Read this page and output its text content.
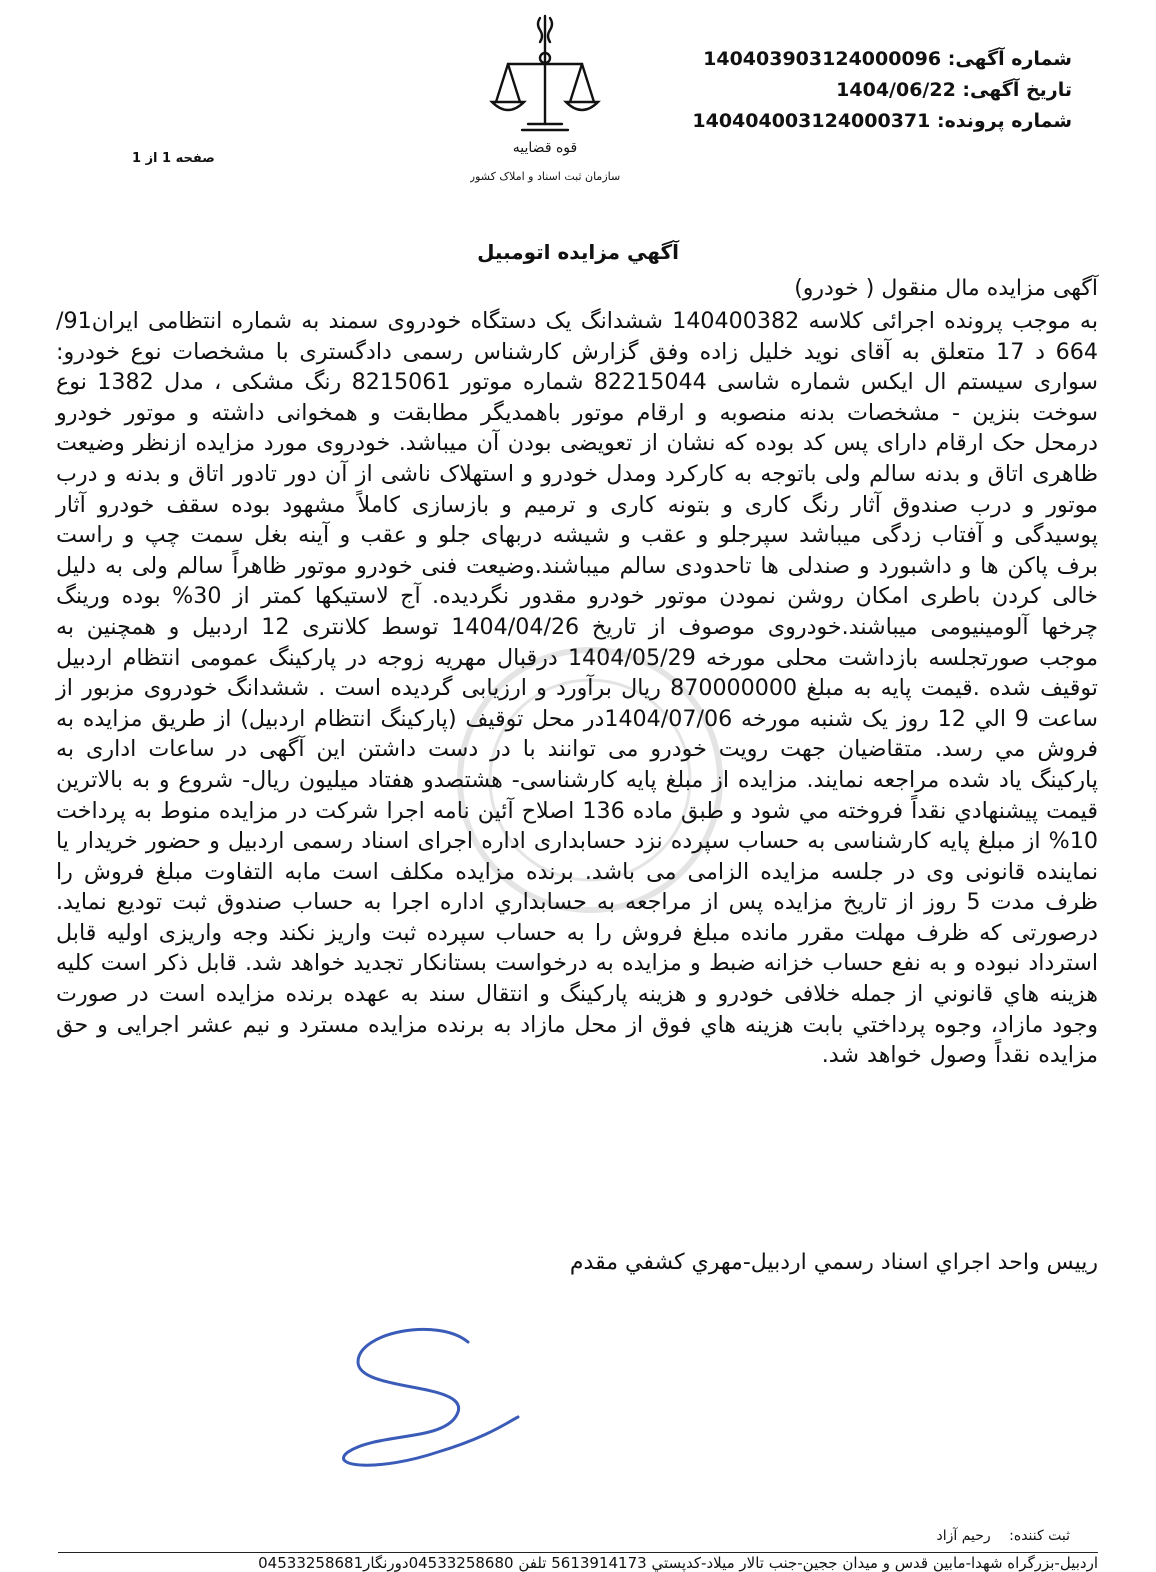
قوه قضاییه
سازمان ثبت اسناد و املاک کشور
شماره آگهی: 140403903124000096
تاریخ آگهی: 1404/06/22
شماره پرونده: 140404003124000371
صفحه 1 از 1
آگهي مزايده اتومبيل
آگهی مزایده مال منقول ( خودرو)
به موجب پرونده اجرائی کلاسه 140400382 ششدانگ یک دستگاه خودروی سمند به شماره انتظامی ایران91/ 664 د 17 متعلق به آقای نوید خلیل زاده وفق گزارش کارشناس رسمی دادگستری با مشخصات نوع خودرو: سواری سیستم ال ایکس شماره شاسی 82215044 شماره موتور 8215061 رنگ مشکی ، مدل 1382 نوع سوخت بنزین - مشخصات بدنه منصوبه و ارقام موتور باهمدیگر مطابقت و همخوانی داشته و موتور خودرو درمحل حک ارقام دارای پس کد بوده که نشان از تعویضی بودن آن میباشد. خودروی مورد مزایده ازنظر وضیعت ظاهری اتاق و بدنه سالم ولی باتوجه به کارکرد ومدل خودرو و استهلاک ناشی از آن دور تادور اتاق و بدنه و درب موتور و درب صندوق آثار رنگ کاری و بتونه کاری و ترمیم و بازسازی کاملاً مشهود بوده سقف خودرو آثار پوسیدگی و آفتاب زدگی میباشد سپرجلو و عقب و شیشه دربهای جلو و عقب و آینه بغل سمت چپ و راست برف پاکن ها و داشبورد و صندلی ها تاحدودی سالم میباشند.وضیعت فنی خودرو موتور ظاهراً سالم ولی به دلیل خالی کردن باطری امکان روشن نمودن موتور خودرو مقدور نگردیده. آج لاستیکها کمتر از 30% بوده ورینگ چرخها آلومینیومی میباشند.خودروی موصوف از تاریخ 1404/04/26 توسط کلانتری 12 اردبیل و همچنین به موجب صورتجلسه بازداشت محلی مورخه 1404/05/29 درقبال مهریه زوجه در پارکینگ عمومی انتظام اردبیل توقیف شده .قیمت پایه به مبلغ 870000000 ریال برآورد و ارزیابی گردیده است . ششدانگ خودروی مزبور از ساعت 9 الي 12 روز یک شنبه مورخه 1404/07/06در محل توقیف (پارکینگ انتظام اردبیل) از طریق مزایده به فروش مي رسد. متقاضیان جهت رویت خودرو می توانند با در دست داشتن این آگهی در ساعات اداری به پارکینگ یاد شده مراجعه نمایند. مزایده از مبلغ پایه کارشناسی- هشتصدو هفتاد میلیون ریال- شروع و به بالاترین قیمت پيشنهادي نقداً فروخته مي شود و طبق ماده 136 اصلاح آئین نامه اجرا شرکت در مزایده منوط به پرداخت 10% از مبلغ پایه کارشناسی به حساب سپرده نزد حسابداری اداره اجرای اسناد رسمی اردبیل و حضور خریدار یا نماینده قانونی وی در جلسه مزایده الزامی می باشد. برنده مزایده مکلف است مابه التفاوت مبلغ فروش را ظرف مدت 5 روز از تاریخ مزایده پس از مراجعه به حسابداري اداره اجرا به حساب صندوق ثبت تودیع نماید. درصورتی که ظرف مهلت مقرر مانده مبلغ فروش را به حساب سپرده ثبت واریز نکند وجه واریزی اولیه قابل استرداد نبوده و به نفع حساب خزانه ضبط و مزایده به درخواست بستانکار تجدید خواهد شد. قابل ذکر است کلیه هزینه هاي قانوني از جمله خلافی خودرو و هزینه پارکینگ و انتقال سند به عهده برنده مزایده است در صورت وجود مازاد، وجوه پرداختي بابت هزینه هاي فوق از محل مازاد به برنده مزایده مسترد و نیم عشر اجرایی و حق مزایده نقداً وصول خواهد شد.
رييس واحد اجراي اسناد رسمي اردبيل-مهري كشفي مقدم
ثبت کننده: رحیم آزاد
اردبیل-بزرگراه شهدا-مابین قدس و میدان ججین-جنب تالار میلاد-کدپستي 5613914173 تلفن 04533258680دورنگار04533258681
